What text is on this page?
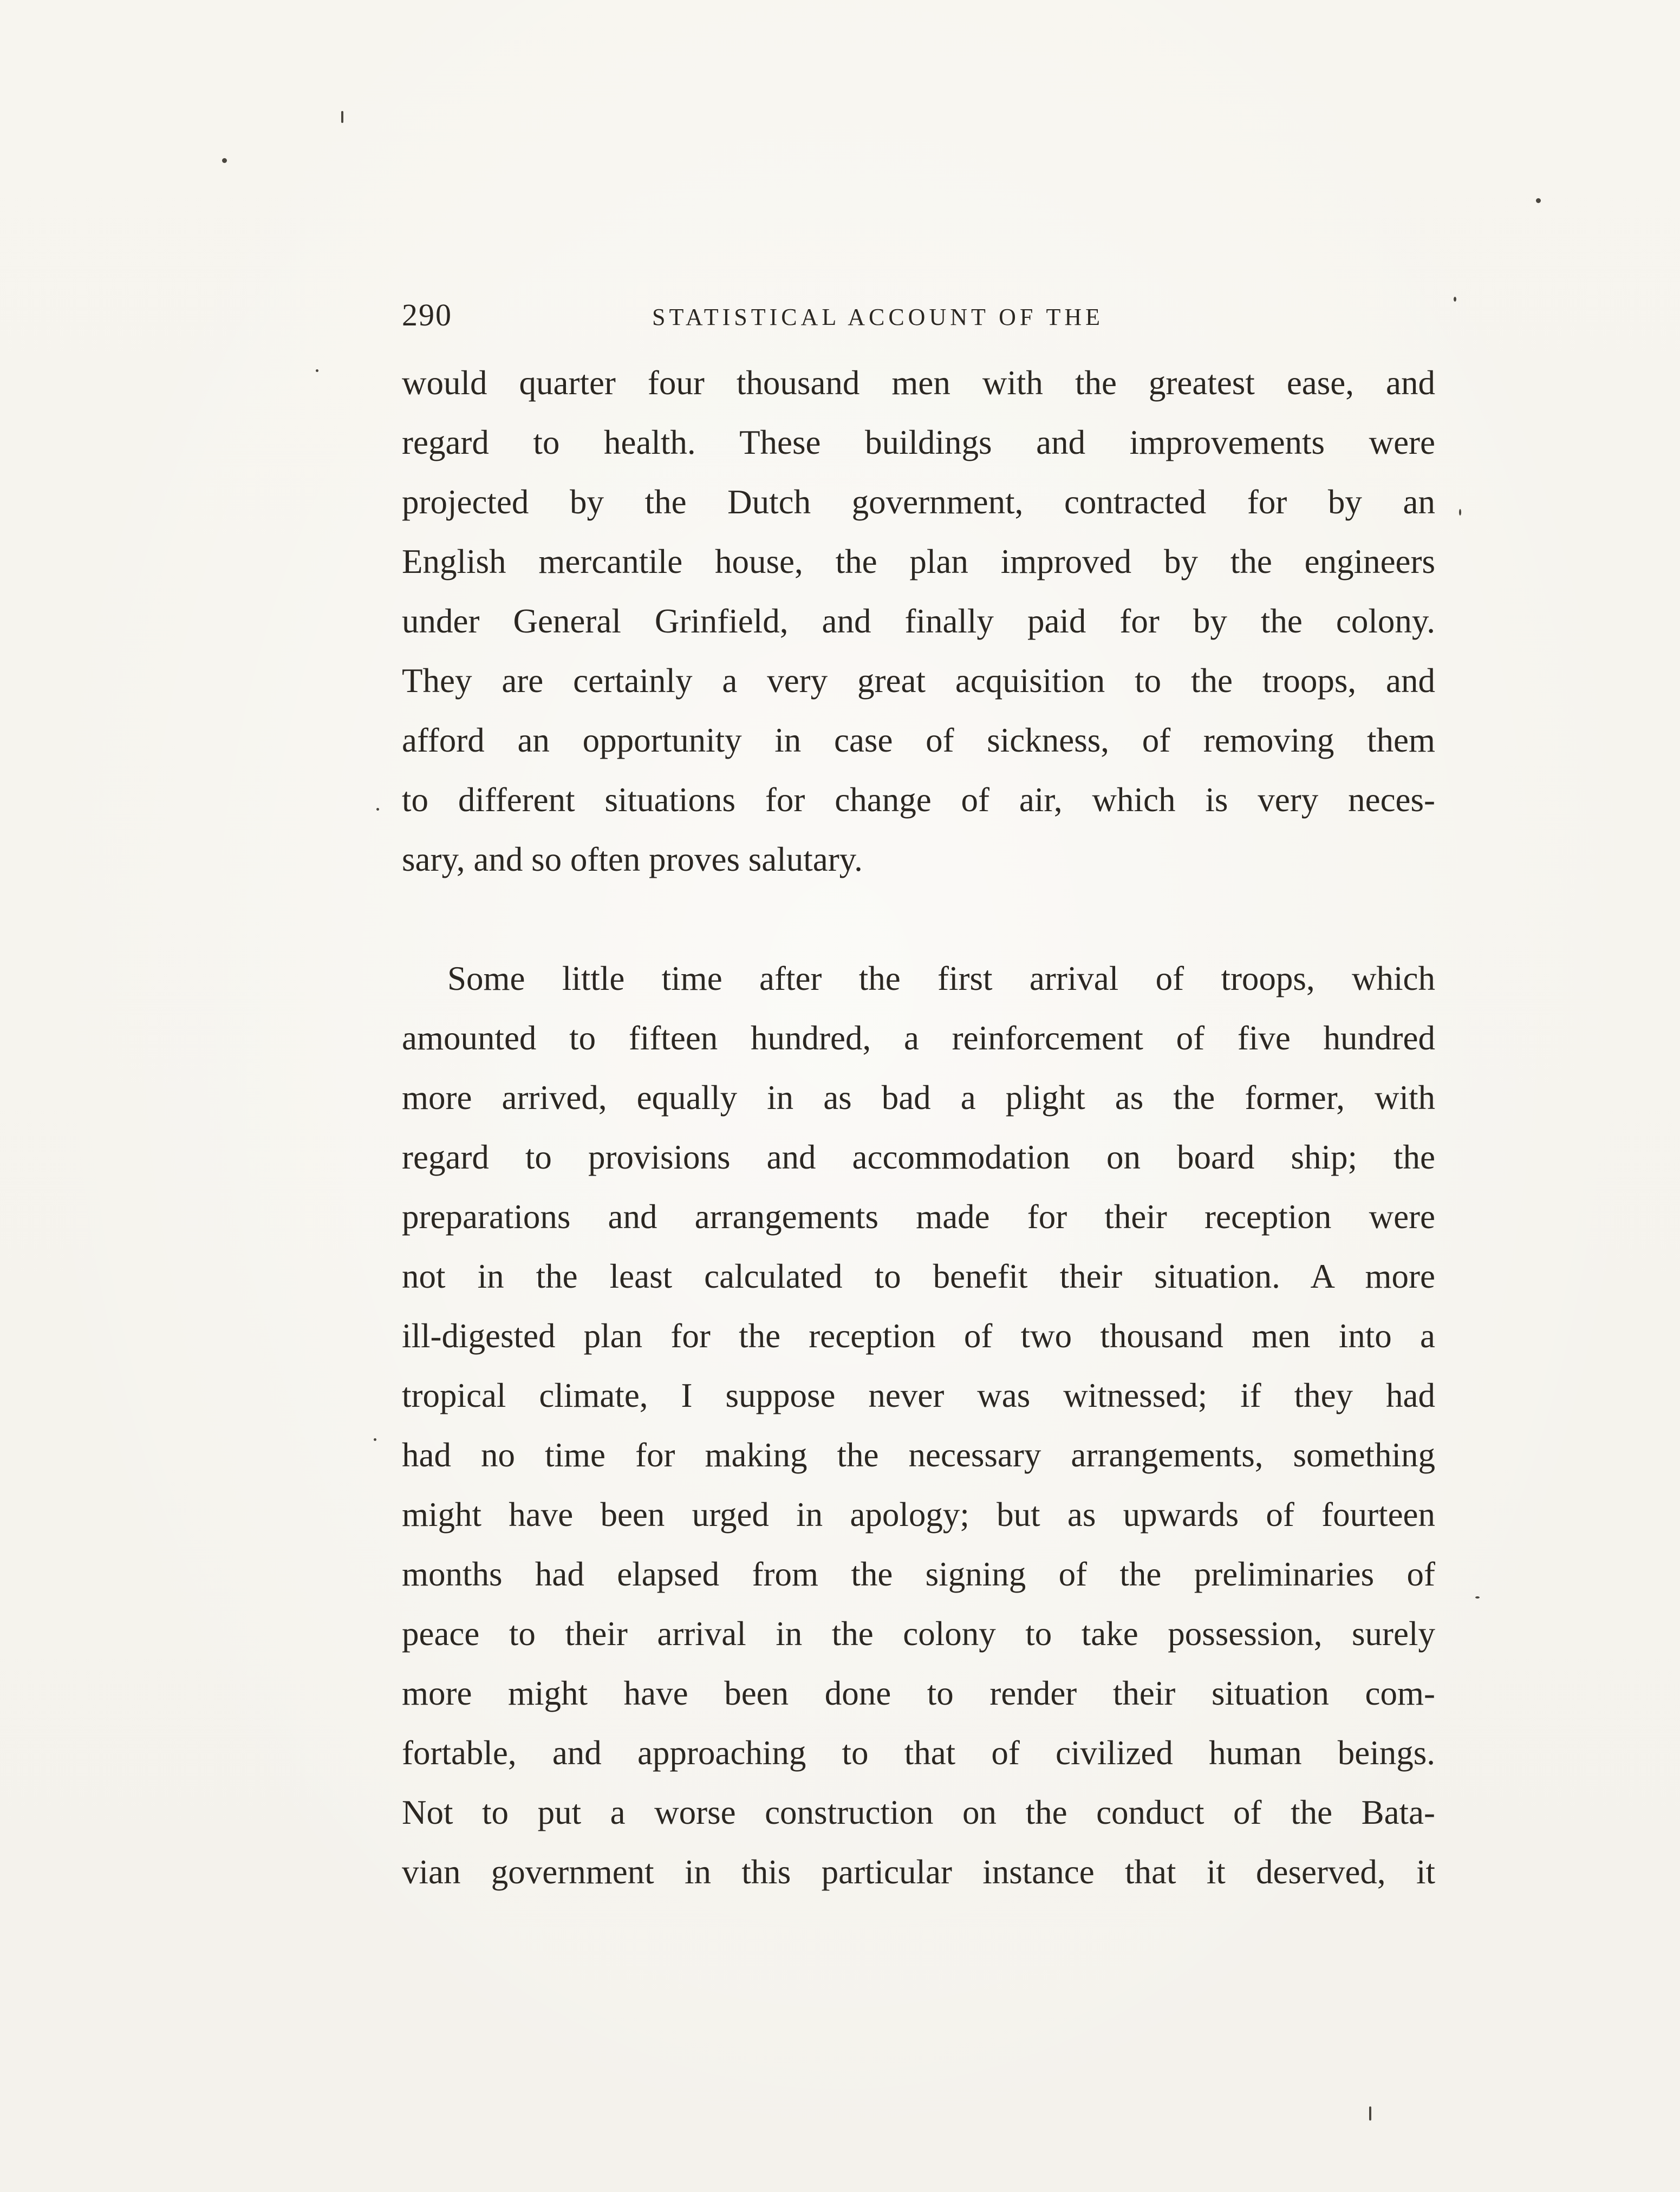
290	STATISTICAL ACCOUNT OF THE
would quarter four thousand men with the greatest ease, and
regard to health. These buildings and improvements were
projected by the Dutch government, contracted for by an
English mercantile house, the plan improved by the engineers
under General Grinfield, and finally paid for by the colony.
They are certainly a very great acquisition to the troops, and
afford an opportunity in case of sickness, of removing them
to different situations for change of air, which is very neces-
sary, and so often proves salutary.
Some little time after the first arrival of troops, which
amounted to fifteen hundred, a reinforcement of five hundred
more arrived, equally in as bad a plight as the former, with
regard to provisions and accommodation on board ship; the
preparations and arrangements made for their reception were
not in the least calculated to benefit their situation. A more
ill-digested plan for the reception of two thousand men into a
tropical climate, I suppose never was witnessed; if they had
had no time for making the necessary arrangements, something
might have been urged in apology; but as upwards of fourteen
months had elapsed from the signing of the preliminaries of
peace to their arrival in the colony to take possession, surely
more might have been done to render their situation com-
fortable, and approaching to that of civilized human beings.
Not to put a worse construction on the conduct of the Bata-
vian government in this particular instance that it deserved, it
